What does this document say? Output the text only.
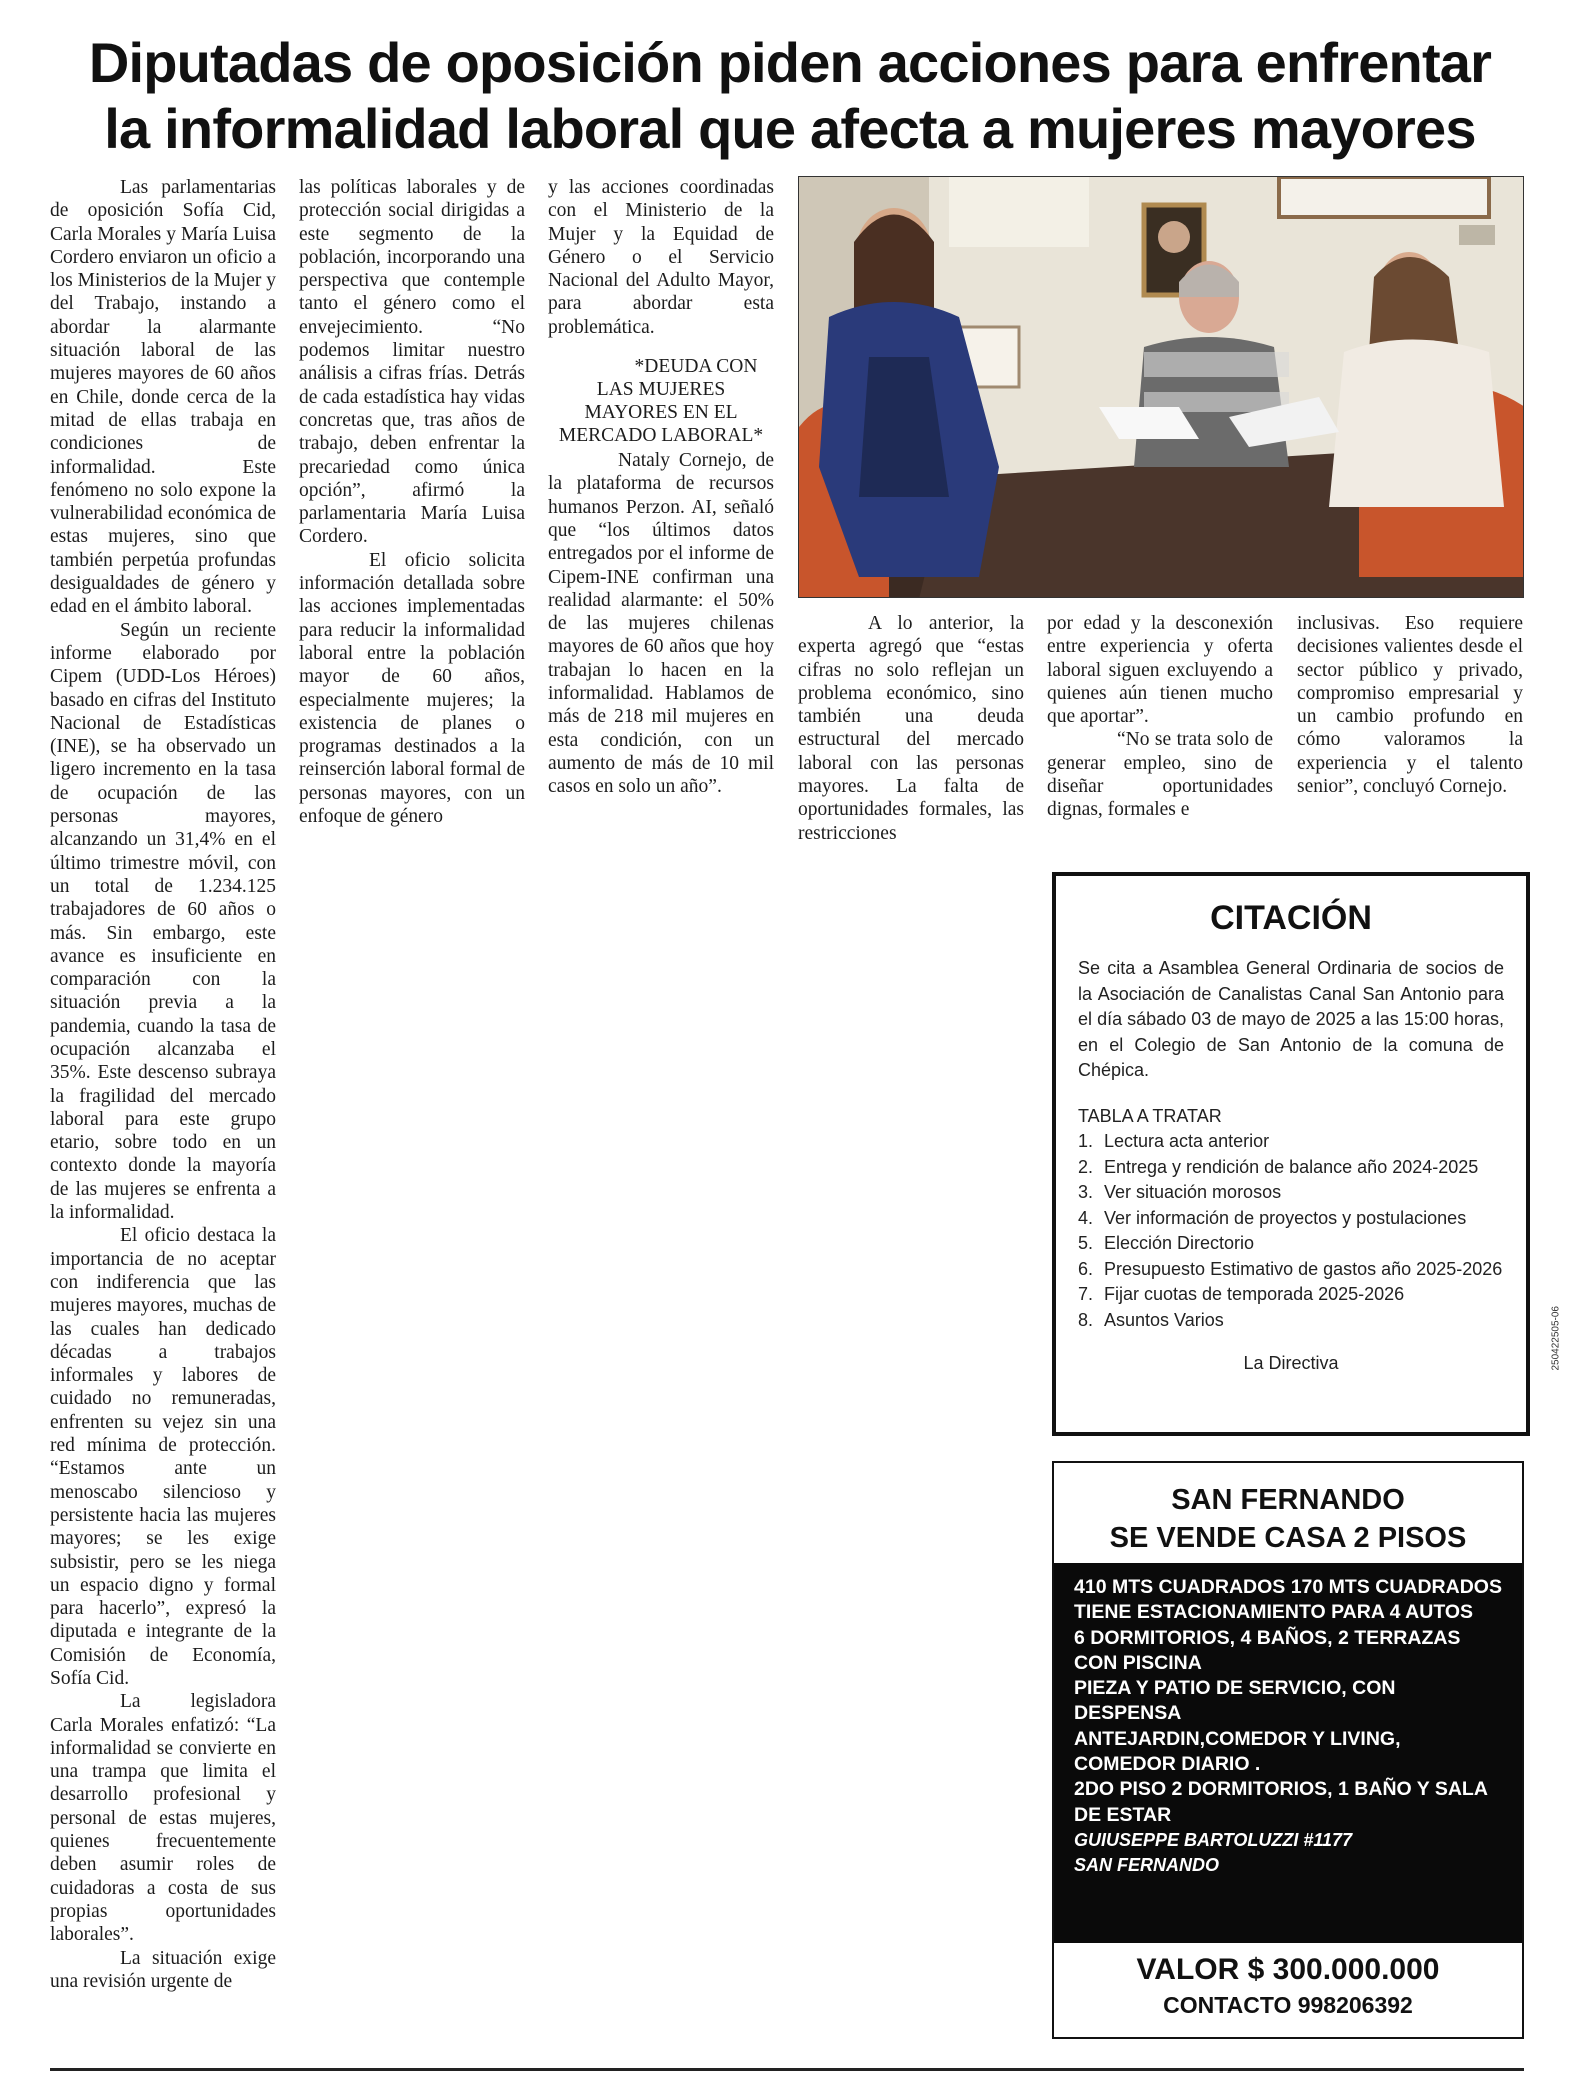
Diputadas de oposición piden acciones para enfrentar
la informalidad laboral que afecta a mujeres mayores

Las parlamentarias de oposición Sofía Cid, Carla Morales y María Luisa Cordero enviaron un oficio a los Ministerios de la Mujer y del Trabajo, instando a abordar la alarmante situación laboral de las mujeres mayores de 60 años en Chile, donde cerca de la mitad de ellas trabaja en condiciones de informalidad. Este fenómeno no solo expone la vulnerabilidad económica de estas mujeres, sino que también perpetúa profundas desigualdades de género y edad en el ámbito laboral.

Según un reciente informe elaborado por Cipem (UDD-Los Héroes) basado en cifras del Instituto Nacional de Estadísticas (INE), se ha observado un ligero incremento en la tasa de ocupación de las personas mayores, alcanzando un 31,4% en el último trimestre móvil, con un total de 1.234.125 trabajadores de 60 años o más. Sin embargo, este avance es insuficiente en comparación con la situación previa a la pandemia, cuando la tasa de ocupación alcanzaba el 35%. Este descenso subraya la fragilidad del mercado laboral para este grupo etario, sobre todo en un contexto donde la mayoría de las mujeres se enfrenta a la informalidad.

El oficio destaca la importancia de no aceptar con indiferencia que las mujeres mayores, muchas de las cuales han dedicado décadas a trabajos informales y labores de cuidado no remuneradas, enfrenten su vejez sin una red mínima de protección. “Estamos ante un menoscabo silencioso y persistente hacia las mujeres mayores; se les exige subsistir, pero se les niega un espacio digno y formal para hacerlo”, expresó la diputada e integrante de la Comisión de Economía, Sofía Cid.

La legisladora Carla Morales enfatizó: “La informalidad se convierte en una trampa que limita el desarrollo profesional y personal de estas mujeres, quienes frecuentemente deben asumir roles de cuidadoras a costa de sus propias oportunidades laborales”.

La situación exige una revisión urgente de

las políticas laborales y de protección social dirigidas a este segmento de la población, incorporando una perspectiva que contemple tanto el género como el envejecimiento. “No podemos limitar nuestro análisis a cifras frías. Detrás de cada estadística hay vidas concretas que, tras años de trabajo, deben enfrentar la precariedad como única opción”, afirmó la parlamentaria María Luisa Cordero.

El oficio solicita información detallada sobre las acciones implementadas para reducir la informalidad laboral entre la población mayor de 60 años, especialmente mujeres; la existencia de planes o programas destinados a la reinserción laboral formal de personas mayores, con un enfoque de género

y las acciones coordinadas con el Ministerio de la Mujer y la Equidad de Género o el Servicio Nacional del Adulto Mayor, para abordar esta problemática.

*DEUDA CON LAS MUJERES MAYORES EN EL MERCADO LABORAL*

Nataly Cornejo, de la plataforma de recursos humanos Perzon. AI, señaló que “los últimos datos entregados por el informe de Cipem-INE confirman una realidad alarmante: el 50% de las mujeres chilenas mayores de 60 años que hoy trabajan lo hacen en la informalidad. Hablamos de más de 218 mil mujeres en esta condición, con un aumento de más de 10 mil casos en solo un año”.

A lo anterior, la experta agregó que “estas cifras no solo reflejan un problema económico, sino también una deuda estructural del mercado laboral con las personas mayores. La falta de oportunidades formales, las restricciones

por edad y la desconexión entre experiencia y oferta laboral siguen excluyendo a quienes aún tienen mucho que aportar”.

“No se trata solo de generar empleo, sino de diseñar oportunidades dignas, formales e

inclusivas. Eso requiere decisiones valientes desde el sector público y privado, compromiso empresarial y un cambio profundo en cómo valoramos la experiencia y el talento senior”, concluyó Cornejo.

CITACIÓN
Se cita a Asamblea General Ordinaria de socios de la Asociación de Canalistas Canal San Antonio para el día sábado 03 de mayo de 2025 a las 15:00 horas, en el Colegio de San Antonio de la comuna de Chépica.
TABLA A TRATAR
1. Lectura acta anterior
2. Entrega y rendición de balance año 2024-2025
3. Ver situación morosos
4. Ver información de proyectos y postulaciones
5. Elección Directorio
6. Presupuesto Estimativo de gastos año 2025-2026
7. Fijar cuotas de temporada 2025-2026
8. Asuntos Varios
La Directiva	250422505-06
SAN FERNANDO
SE VENDE CASA 2 PISOS
410 MTS CUADRADOS 170 MTS CUADRADOS
TIENE ESTACIONAMIENTO PARA 4 AUTOS
6 DORMITORIOS, 4 BAÑOS, 2 TERRAZAS CON PISCINA
PIEZA Y PATIO DE SERVICIO, CON DESPENSA
ANTEJARDIN,COMEDOR Y LIVING, COMEDOR DIARIO .
2DO PISO 2 DORMITORIOS, 1 BAÑO Y SALA DE ESTAR
GUIUSEPPE BARTOLUZZI #1177
SAN FERNANDO
VALOR $ 300.000.000
CONTACTO 998206392
